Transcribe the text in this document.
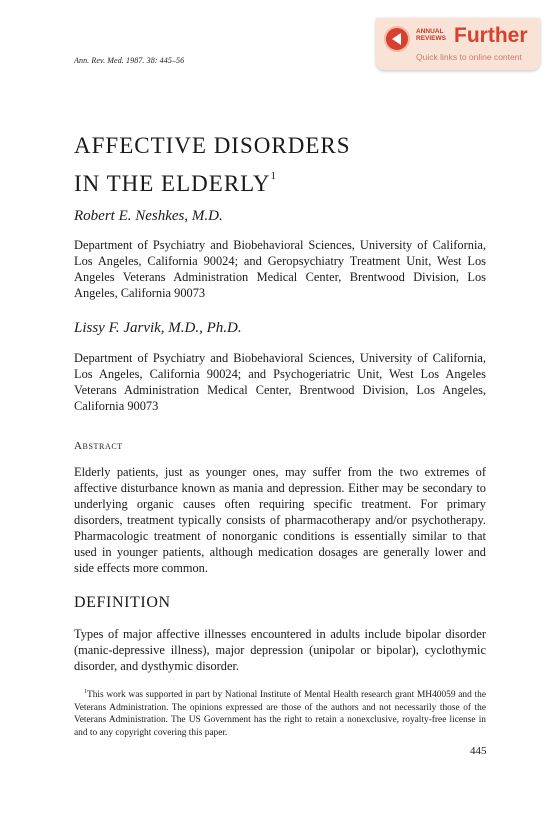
Ann. Rev. Med. 1987. 38: 445–56
ANNUAL
REVIEWS Further
Quick links to online content
AFFECTIVE DISORDERS
IN THE ELDERLY$^1$
Robert E. Neshkes, M.D.
Department of Psychiatry and Biobehavioral Sciences, University of California, Los Angeles, California 90024; and Geropsychiatry Treatment Unit, West Los Angeles Veterans Administration Medical Center, Brentwood Division, Los Angeles, California 90073
Lissy F. Jarvik, M.D., Ph.D.
Department of Psychiatry and Biobehavioral Sciences, University of California, Los Angeles, California 90024; and Psychogeriatric Unit, West Los Angeles Veterans Administration Medical Center, Brentwood Division, Los Angeles, California 90073
Abstract
Elderly patients, just as younger ones, may suffer from the two extremes of affective disturbance known as mania and depression. Either may be secondary to underlying organic causes often requiring specific treatment. For primary disorders, treatment typically consists of pharmacotherapy and/or psychotherapy. Pharmacologic treatment of nonorganic conditions is essentially similar to that used in younger patients, although medication dosages are generally lower and side effects more common.
DEFINITION
Types of major affective illnesses encountered in adults include bipolar disorder (manic-depressive illness), major depression (unipolar or bipolar), cyclothymic disorder, and dysthymic disorder.
$^1$This work was supported in part by National Institute of Mental Health research grant MH40059 and the Veterans Administration. The opinions expressed are those of the authors and not necessarily those of the Veterans Administration. The US Government has the right to retain a nonexclusive, royalty-free license in and to any copyright covering this paper.
445
